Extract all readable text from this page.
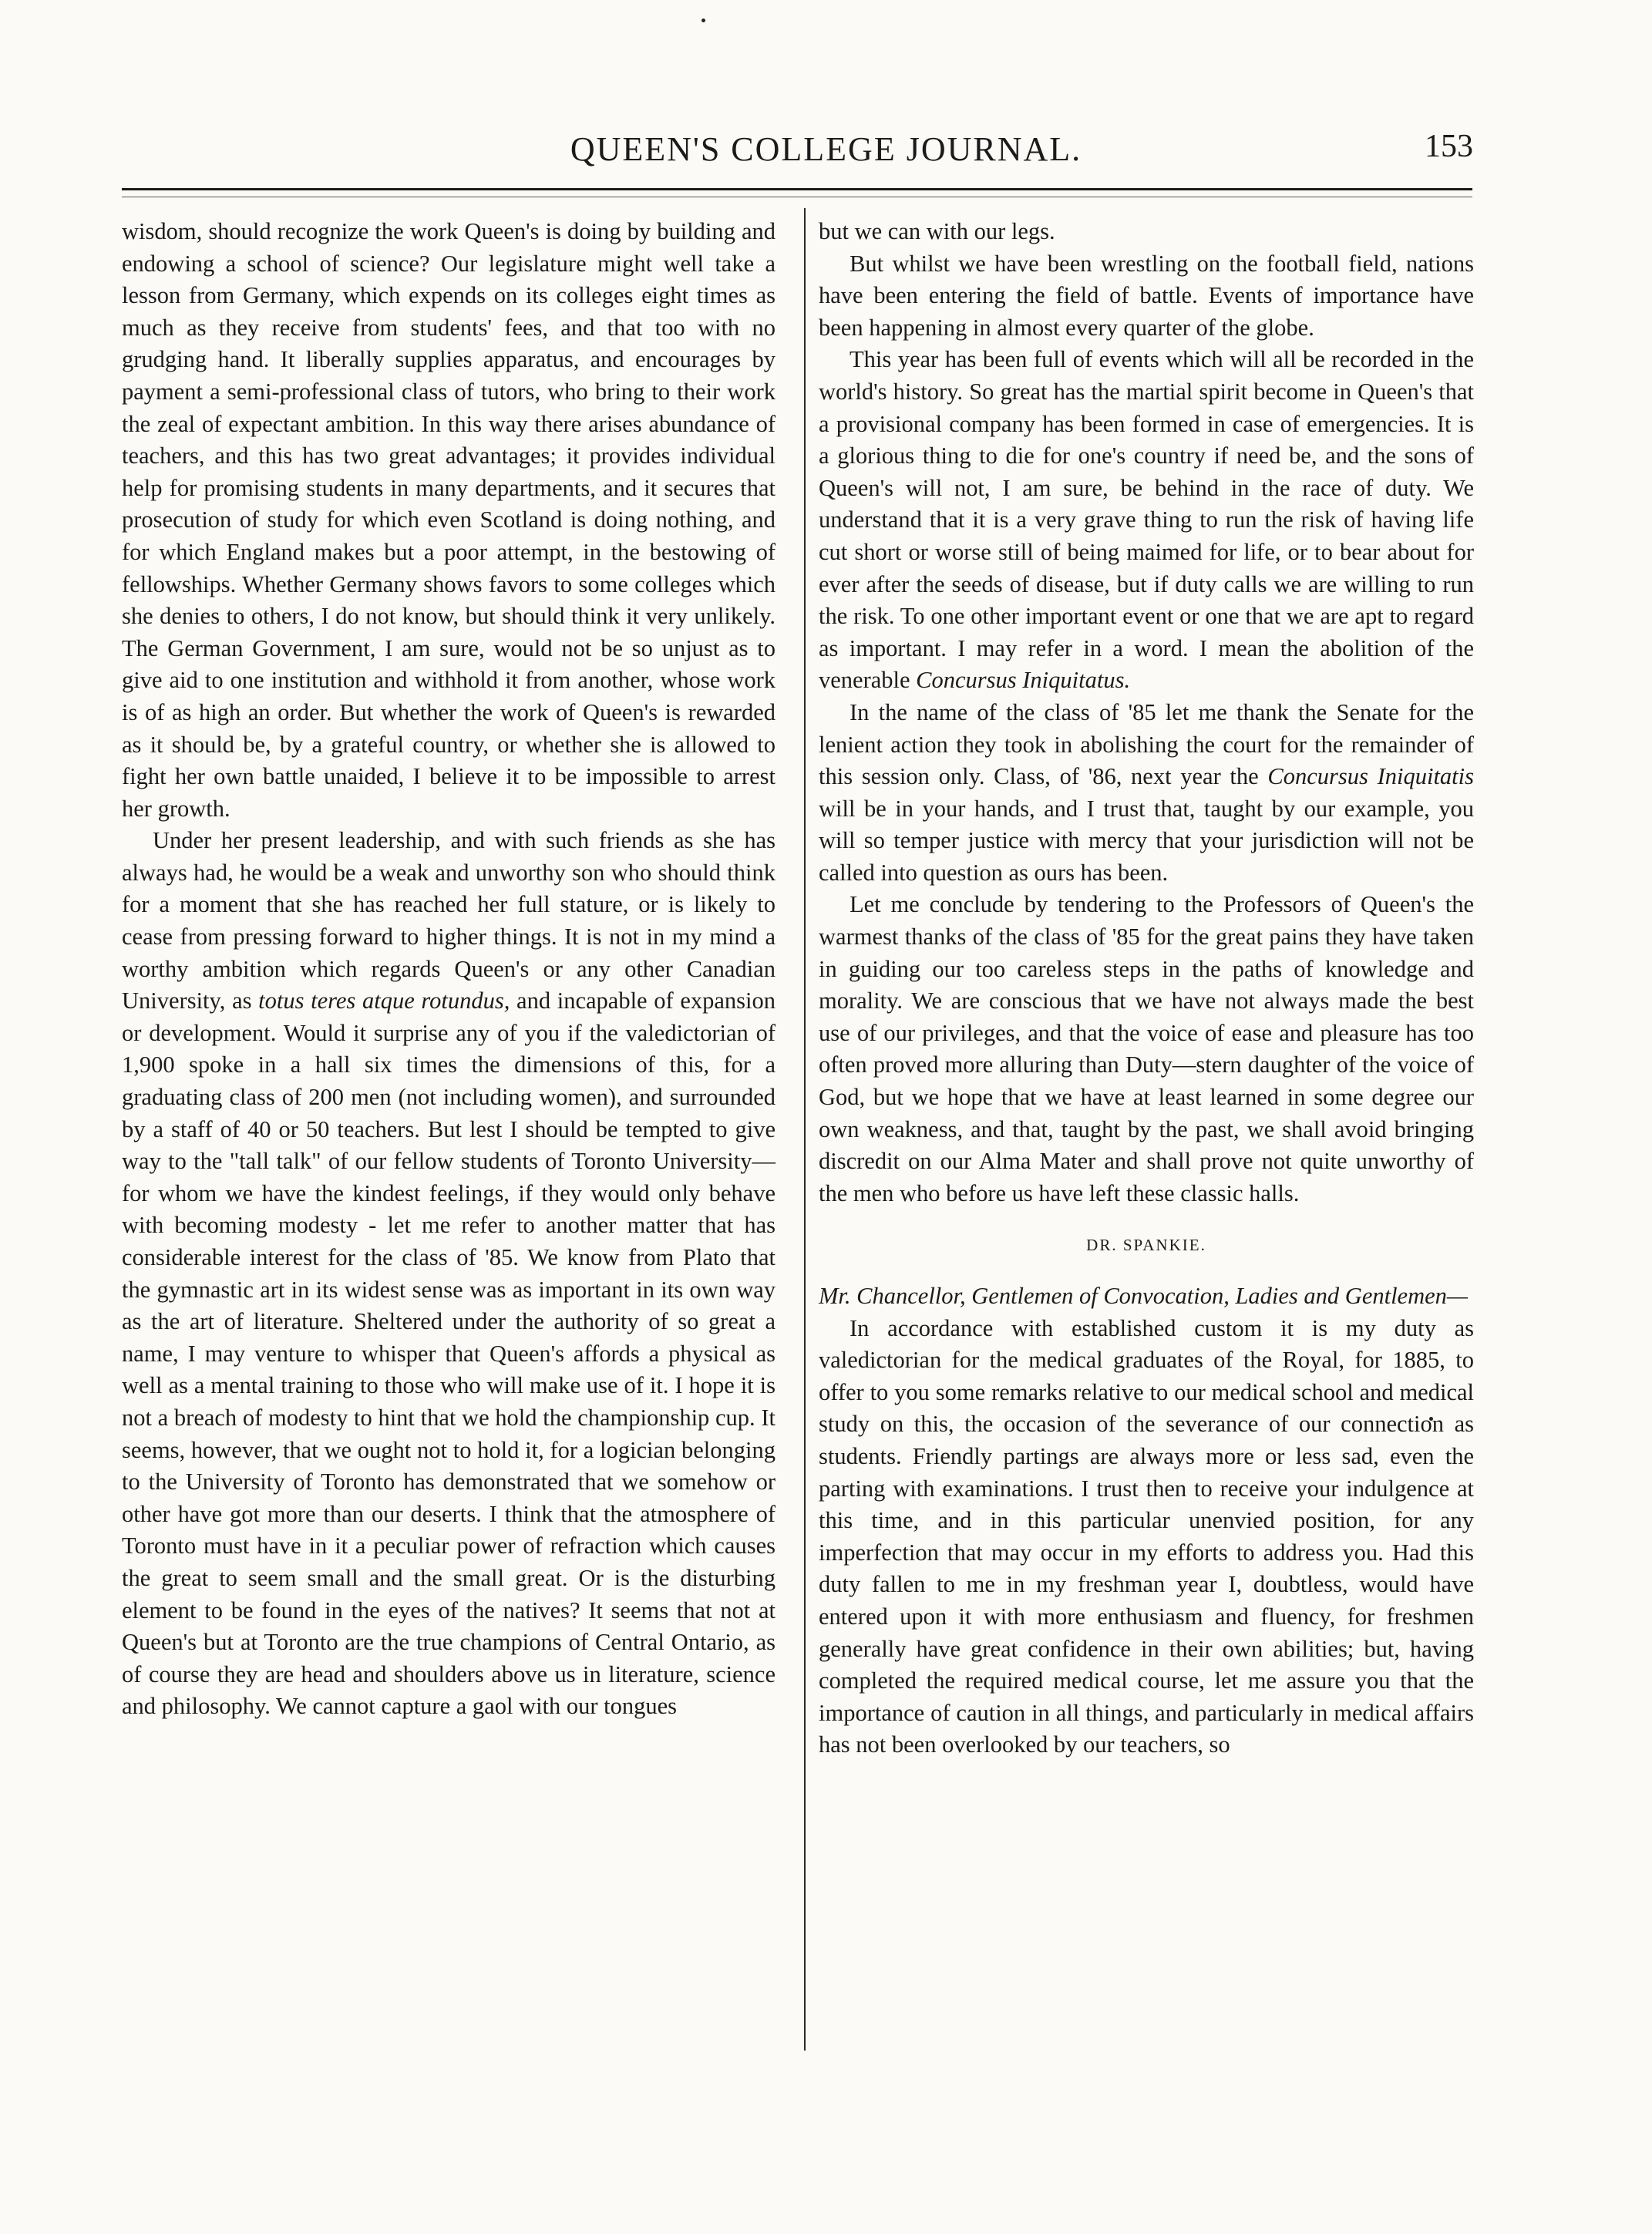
QUEEN'S COLLEGE JOURNAL.	153

wisdom, should recognize the work Queen's is doing by building and endowing a school of science? Our legislature might well take a lesson from Germany, which expends on its colleges eight times as much as they receive from students' fees, and that too with no grudging hand. It liberally supplies apparatus, and encourages by payment a semi-professional class of tutors, who bring to their work the zeal of expectant ambition. In this way there arises abundance of teachers, and this has two great advantages; it provides individual help for promising students in many departments, and it secures that prosecution of study for which even Scotland is doing nothing, and for which England makes but a poor attempt, in the bestowing of fellowships. Whether Germany shows favors to some colleges which she denies to others, I do not know, but should think it very unlikely. The German Government, I am sure, would not be so unjust as to give aid to one institution and withhold it from another, whose work is of as high an order. But whether the work of Queen's is rewarded as it should be, by a grateful country, or whether she is allowed to fight her own battle unaided, I believe it to be impossible to arrest her growth.

Under her present leadership, and with such friends as she has always had, he would be a weak and unworthy son who should think for a moment that she has reached her full stature, or is likely to cease from pressing forward to higher things. It is not in my mind a worthy ambition which regards Queen's or any other Canadian University, as totus teres atque rotundus, and incapable of expansion or development. Would it surprise any of you if the valedictorian of 1,900 spoke in a hall six times the dimensions of this, for a graduating class of 200 men (not including women), and surrounded by a staff of 40 or 50 teachers. But lest I should be tempted to give way to the "tall talk" of our fellow students of Toronto University—for whom we have the kindest feelings, if they would only behave with becoming modesty - let me refer to another matter that has considerable interest for the class of '85. We know from Plato that the gymnastic art in its widest sense was as important in its own way as the art of literature. Sheltered under the authority of so great a name, I may venture to whisper that Queen's affords a physical as well as a mental training to those who will make use of it. I hope it is not a breach of modesty to hint that we hold the championship cup. It seems, however, that we ought not to hold it, for a logician belonging to the University of Toronto has demonstrated that we somehow or other have got more than our deserts. I think that the atmosphere of Toronto must have in it a peculiar power of refraction which causes the great to seem small and the small great. Or is the disturbing element to be found in the eyes of the natives? It seems that not at Queen's but at Toronto are the true champions of Central Ontario, as of course they are head and shoulders above us in literature, science and philosophy. We cannot capture a gaol with our tongues

but we can with our legs.

But whilst we have been wrestling on the football field, nations have been entering the field of battle. Events of importance have been happening in almost every quarter of the globe.

This year has been full of events which will all be recorded in the world's history. So great has the martial spirit become in Queen's that a provisional company has been formed in case of emergencies. It is a glorious thing to die for one's country if need be, and the sons of Queen's will not, I am sure, be behind in the race of duty. We understand that it is a very grave thing to run the risk of having life cut short or worse still of being maimed for life, or to bear about for ever after the seeds of disease, but if duty calls we are willing to run the risk. To one other important event or one that we are apt to regard as important. I may refer in a word. I mean the abolition of the venerable Concursus Iniquitatus.

In the name of the class of '85 let me thank the Senate for the lenient action they took in abolishing the court for the remainder of this session only. Class, of '86, next year the Concursus Iniquitatis will be in your hands, and I trust that, taught by our example, you will so temper justice with mercy that your jurisdiction will not be called into question as ours has been.

Let me conclude by tendering to the Professors of Queen's the warmest thanks of the class of '85 for the great pains they have taken in guiding our too careless steps in the paths of knowledge and morality. We are conscious that we have not always made the best use of our privileges, and that the voice of ease and pleasure has too often proved more alluring than Duty—stern daughter of the voice of God, but we hope that we have at least learned in some degree our own weakness, and that, taught by the past, we shall avoid bringing discredit on our Alma Mater and shall prove not quite unworthy of the men who before us have left these classic halls.

DR. SPANKIE.

Mr. Chancellor, Gentlemen of Convocation, Ladies and Gentlemen—

In accordance with established custom it is my duty as valedictorian for the medical graduates of the Royal, for 1885, to offer to you some remarks relative to our medical school and medical study on this, the occasion of the severance of our connection as students. Friendly partings are always more or less sad, even the parting with examinations. I trust then to receive your indulgence at this time, and in this particular unenvied position, for any imperfection that may occur in my efforts to address you. Had this duty fallen to me in my freshman year I, doubtless, would have entered upon it with more enthusiasm and fluency, for freshmen generally have great confidence in their own abilities; but, having completed the required medical course, let me assure you that the importance of caution in all things, and particularly in medical affairs has not been overlooked by our teachers, so
